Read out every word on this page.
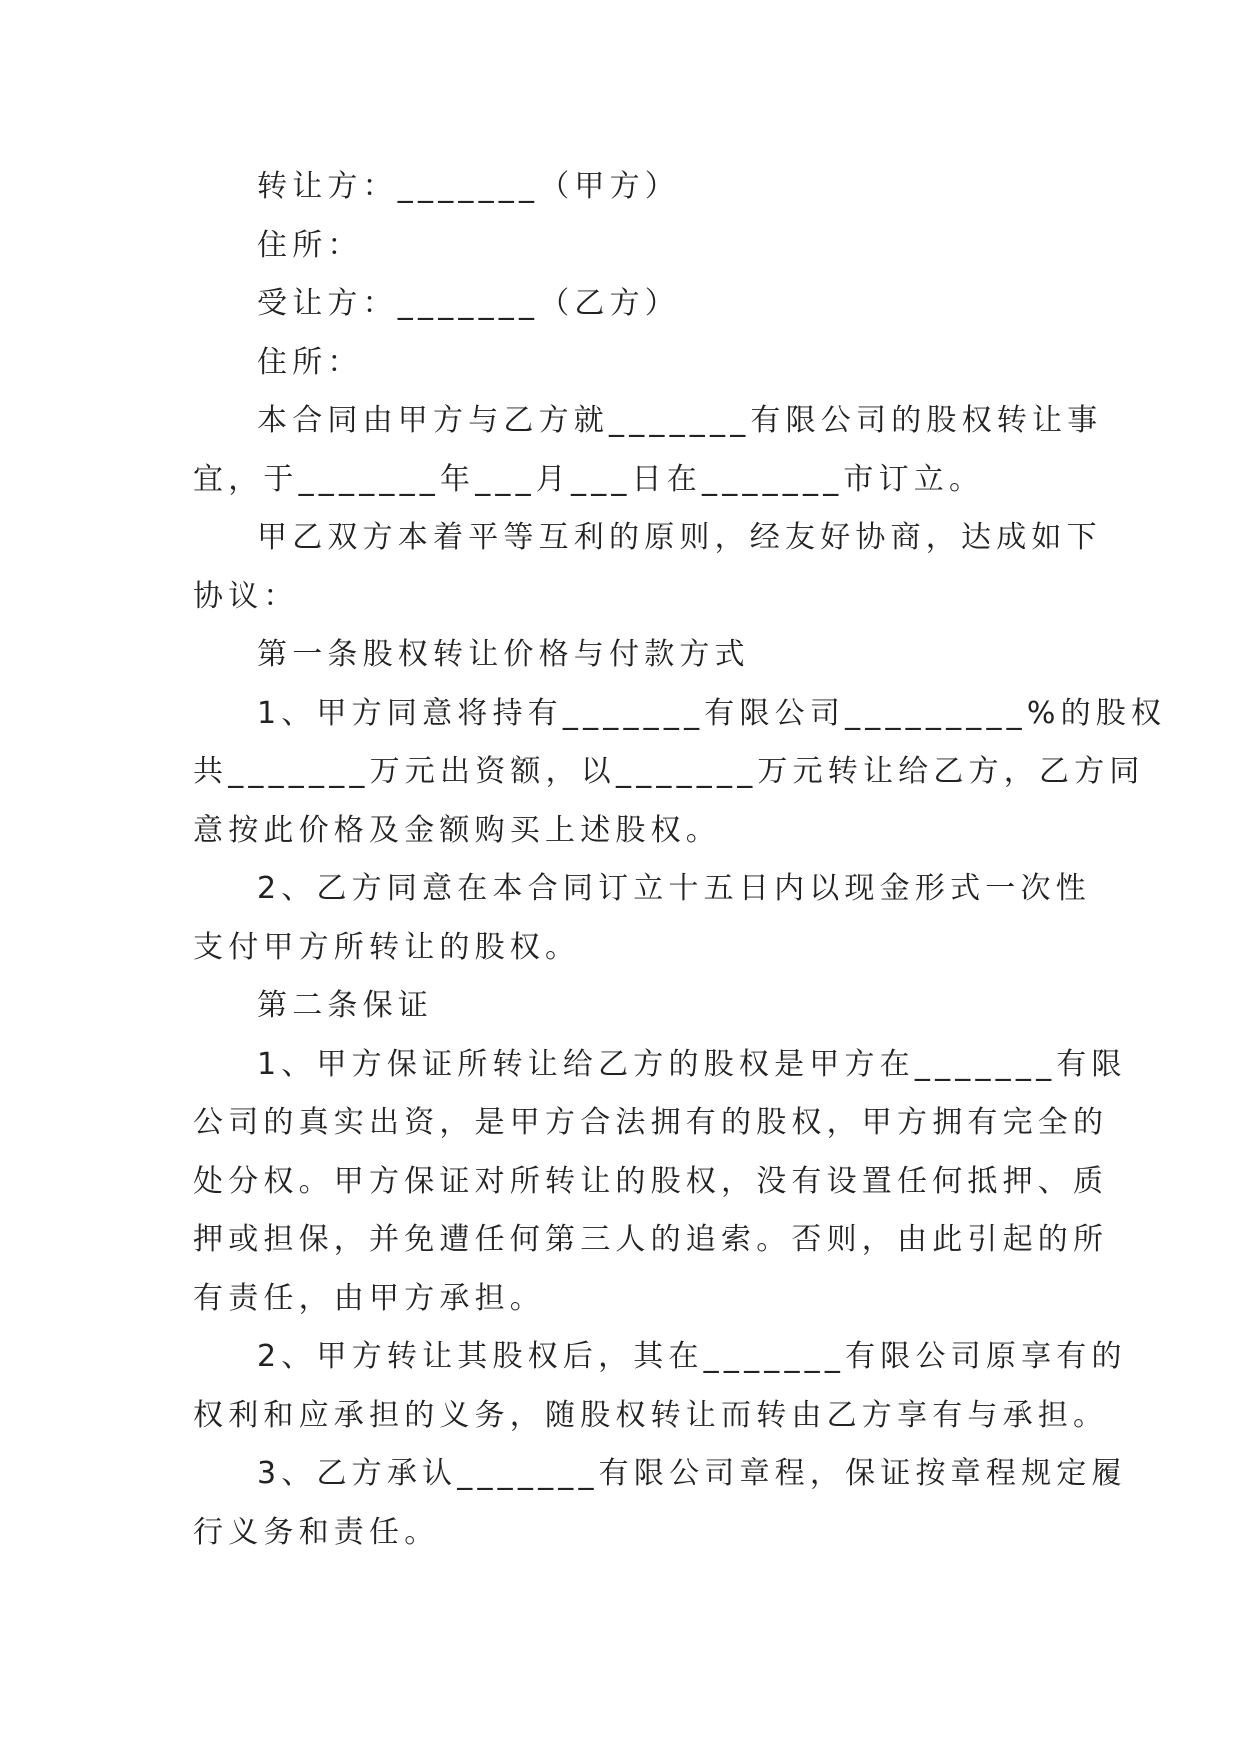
转让方：_______（甲方）
住所：
受让方：_______（乙方）
住所：
本合同由甲方与乙方就_______有限公司的股权转让事
宜，于_______年___月___日在_______市订立。
甲乙双方本着平等互利的原则，经友好协商，达成如下
协议：
第一条股权转让价格与付款方式
1、甲方同意将持有_______有限公司_________%的股权
共_______万元出资额，以_______万元转让给乙方，乙方同
意按此价格及金额购买上述股权。
2、乙方同意在本合同订立十五日内以现金形式一次性
支付甲方所转让的股权。
第二条保证
1、甲方保证所转让给乙方的股权是甲方在_______有限
公司的真实出资，是甲方合法拥有的股权，甲方拥有完全的
处分权。甲方保证对所转让的股权，没有设置任何抵押、质
押或担保，并免遭任何第三人的追索。否则，由此引起的所
有责任，由甲方承担。
2、甲方转让其股权后，其在_______有限公司原享有的
权利和应承担的义务，随股权转让而转由乙方享有与承担。
3、乙方承认_______有限公司章程，保证按章程规定履
行义务和责任。
